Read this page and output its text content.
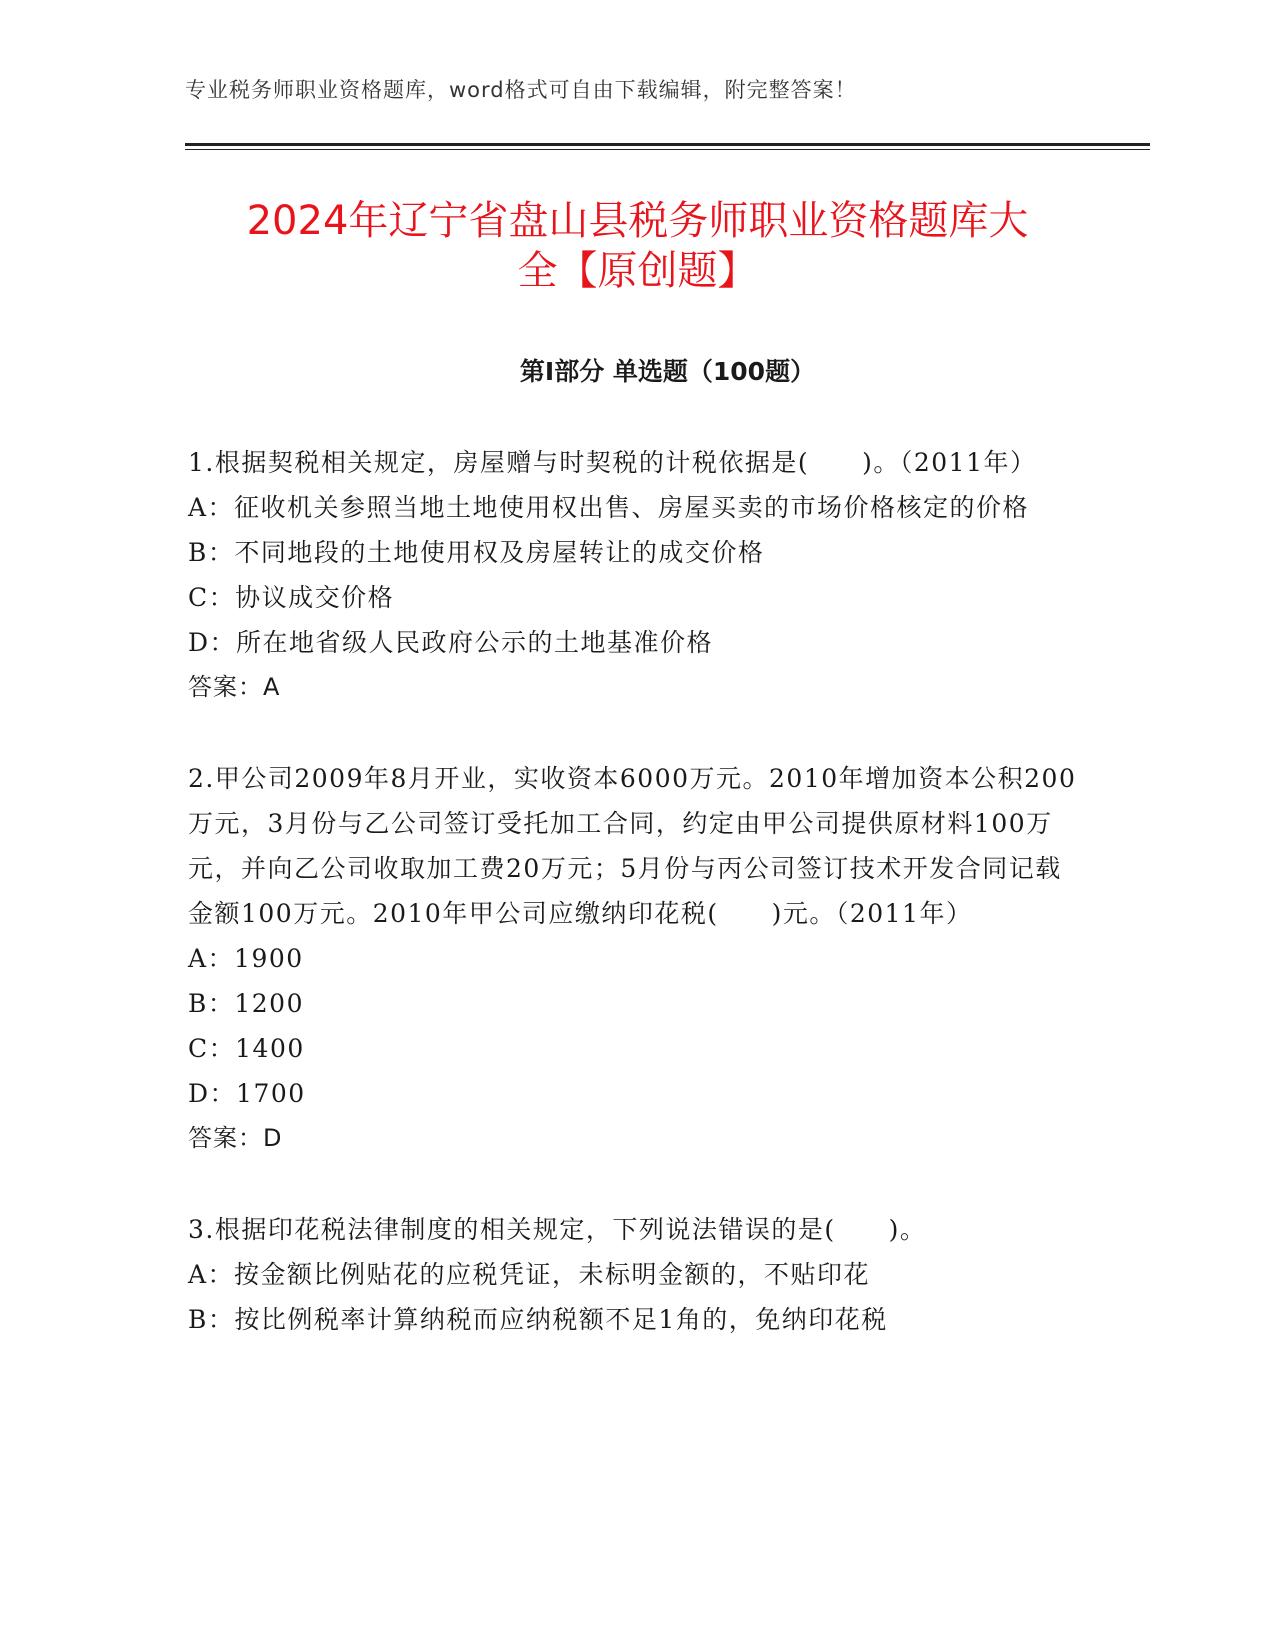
专业税务师职业资格题库，word格式可自由下载编辑，附完整答案！
2024年辽宁省盘山县税务师职业资格题库大
全【原创题】
第I部分 单选题（100题）
1.根据契税相关规定，房屋赠与时契税的计税依据是(　　)。（2011年）
A：征收机关参照当地土地使用权出售、房屋买卖的市场价格核定的价格
B：不同地段的土地使用权及房屋转让的成交价格
C：协议成交价格
D：所在地省级人民政府公示的土地基准价格
答案：A
2.甲公司2009年8月开业，实收资本6000万元。2010年增加资本公积200万元，3月份与乙公司签订受托加工合同，约定由甲公司提供原材料100万元，并向乙公司收取加工费20万元；5月份与丙公司签订技术开发合同记载金额100万元。2010年甲公司应缴纳印花税(　　)元。（2011年）
A：1900
B：1200
C：1400
D：1700
答案：D
3.根据印花税法律制度的相关规定，下列说法错误的是(　　)。
A：按金额比例贴花的应税凭证，未标明金额的，不贴印花
B：按比例税率计算纳税而应纳税额不足1角的，免纳印花税
